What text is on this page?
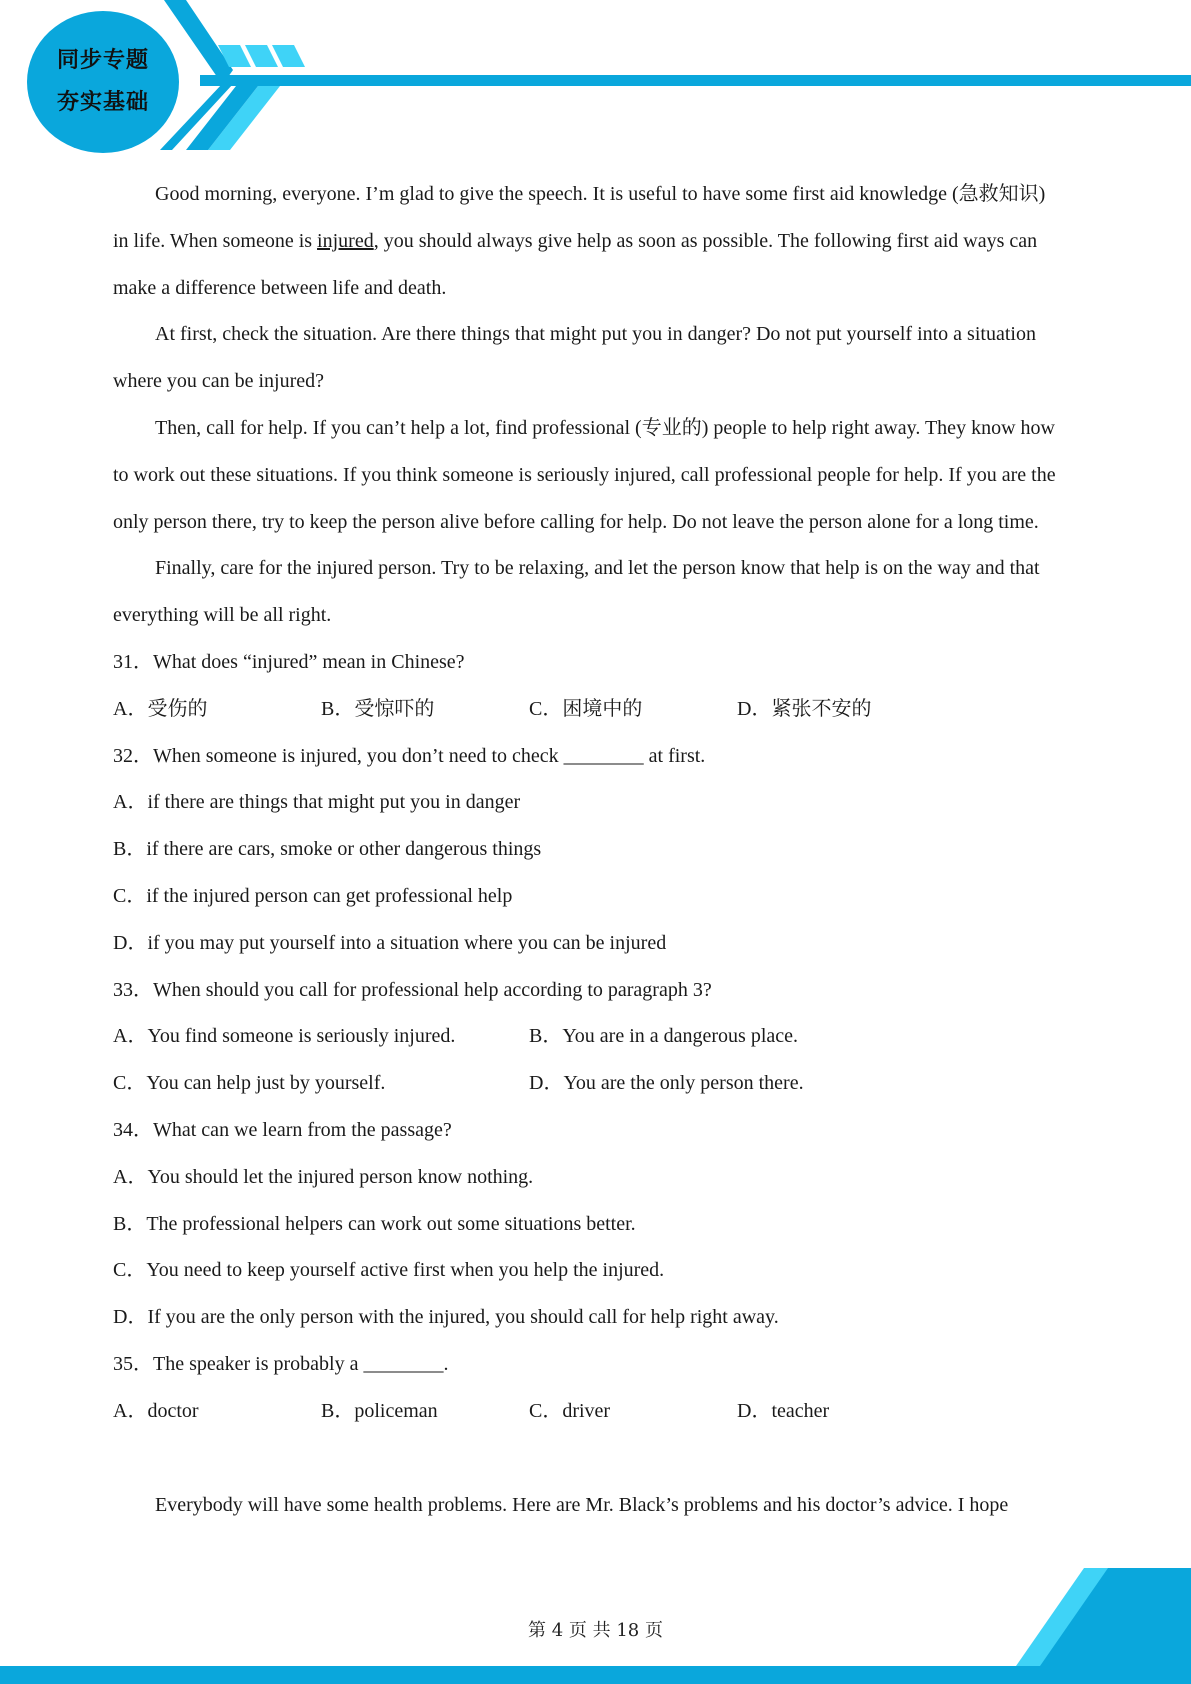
同步专题
夯实基础

Good morning, everyone. I’m glad to give the speech. It is useful to have some first aid knowledge (急救知识) in life. When someone is injured, you should always give help as soon as possible. The following first aid ways can make a difference between life and death.

At first, check the situation. Are there things that might put you in danger? Do not put yourself into a situation where you can be injured?

Then, call for help. If you can’t help a lot, find professional (专业的) people to help right away. They know how to work out these situations. If you think someone is seriously injured, call professional people for help. If you are the only person there, try to keep the person alive before calling for help. Do not leave the person alone for a long time.

Finally, care for the injured person. Try to be relaxing, and let the person know that help is on the way and that everything will be all right.

31．What does “injured” mean in Chinese?

A．受伤的	B．受惊吓的	C．困境中的	D．紧张不安的

32．When someone is injured, you don’t need to check ________ at first.

A．if there are things that might put you in danger

B．if there are cars, smoke or other dangerous things

C．if the injured person can get professional help

D．if you may put yourself into a situation where you can be injured

33．When should you call for professional help according to paragraph 3?

A．You find someone is seriously injured.	B．You are in a dangerous place.
C．You can help just by yourself.	D．You are the only person there.

34．What can we learn from the passage?

A．You should let the injured person know nothing.

B．The professional helpers can work out some situations better.

C．You need to keep yourself active first when you help the injured.

D．If you are the only person with the injured, you should call for help right away.

35．The speaker is probably a ________.

A．doctor	B．policeman	C．driver	D．teacher

Everybody will have some health problems. Here are Mr. Black’s problems and his doctor’s advice. I hope

第 4 页 共 18 页
